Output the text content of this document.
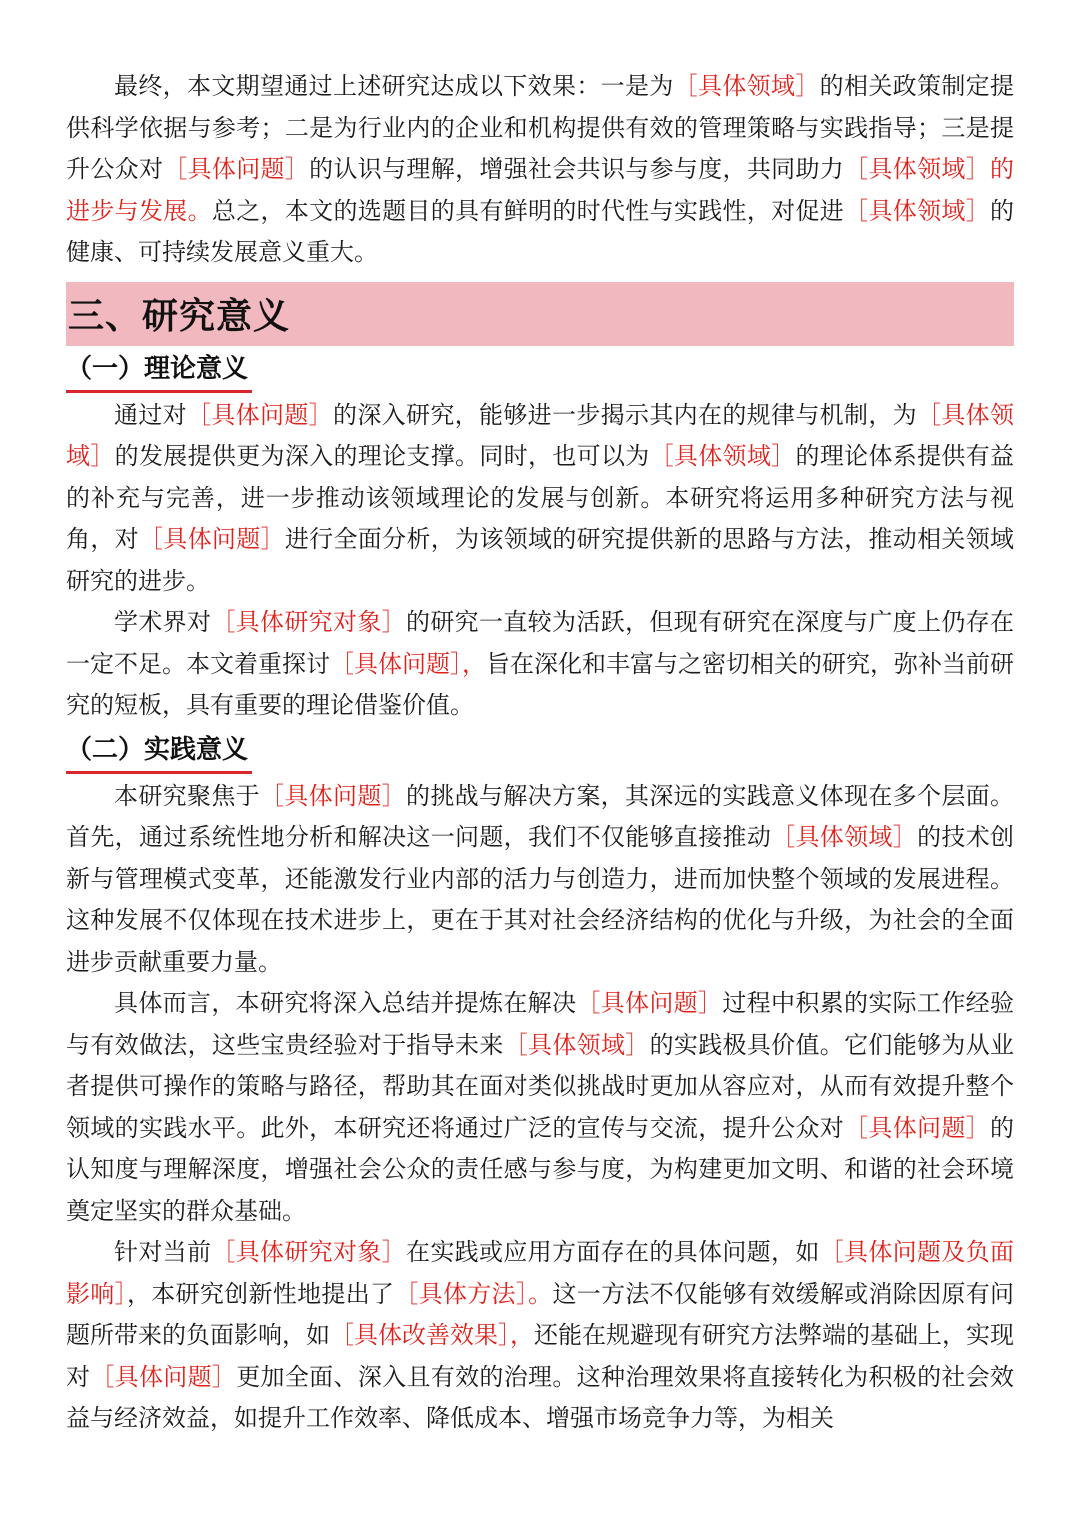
最终，本文期望通过上述研究达成以下效果：一是为［具体领域］的相关政策制定提供科学依据与参考；二是为行业内的企业和机构提供有效的管理策略与实践指导；三是提升公众对［具体问题］的认识与理解，增强社会共识与参与度，共同助力［具体领域］的进步与发展。总之，本文的选题目的具有鲜明的时代性与实践性，对促进［具体领域］的健康、可持续发展意义重大。

三、研究意义
（一）理论意义

通过对［具体问题］的深入研究，能够进一步揭示其内在的规律与机制，为［具体领域］的发展提供更为深入的理论支撑。同时，也可以为［具体领域］的理论体系提供有益的补充与完善，进一步推动该领域理论的发展与创新。本研究将运用多种研究方法与视角，对［具体问题］进行全面分析，为该领域的研究提供新的思路与方法，推动相关领域研究的进步。

学术界对［具体研究对象］的研究一直较为活跃，但现有研究在深度与广度上仍存在一定不足。本文着重探讨［具体问题］，旨在深化和丰富与之密切相关的研究，弥补当前研究的短板，具有重要的理论借鉴价值。

（二）实践意义

本研究聚焦于［具体问题］的挑战与解决方案，其深远的实践意义体现在多个层面。首先，通过系统性地分析和解决这一问题，我们不仅能够直接推动［具体领域］的技术创新与管理模式变革，还能激发行业内部的活力与创造力，进而加快整个领域的发展进程。这种发展不仅体现在技术进步上，更在于其对社会经济结构的优化与升级，为社会的全面进步贡献重要力量。

具体而言，本研究将深入总结并提炼在解决［具体问题］过程中积累的实际工作经验与有效做法，这些宝贵经验对于指导未来［具体领域］的实践极具价值。它们能够为从业者提供可操作的策略与路径，帮助其在面对类似挑战时更加从容应对，从而有效提升整个领域的实践水平。此外，本研究还将通过广泛的宣传与交流，提升公众对［具体问题］的认知度与理解深度，增强社会公众的责任感与参与度，为构建更加文明、和谐的社会环境奠定坚实的群众基础。

针对当前［具体研究对象］在实践或应用方面存在的具体问题，如［具体问题及负面影响］，本研究创新性地提出了［具体方法］。这一方法不仅能够有效缓解或消除因原有问题所带来的负面影响，如［具体改善效果］，还能在规避现有研究方法弊端的基础上，实现对［具体问题］更加全面、深入且有效的治理。这种治理效果将直接转化为积极的社会效益与经济效益，如提升工作效率、降低成本、增强市场竞争力等，为相关
